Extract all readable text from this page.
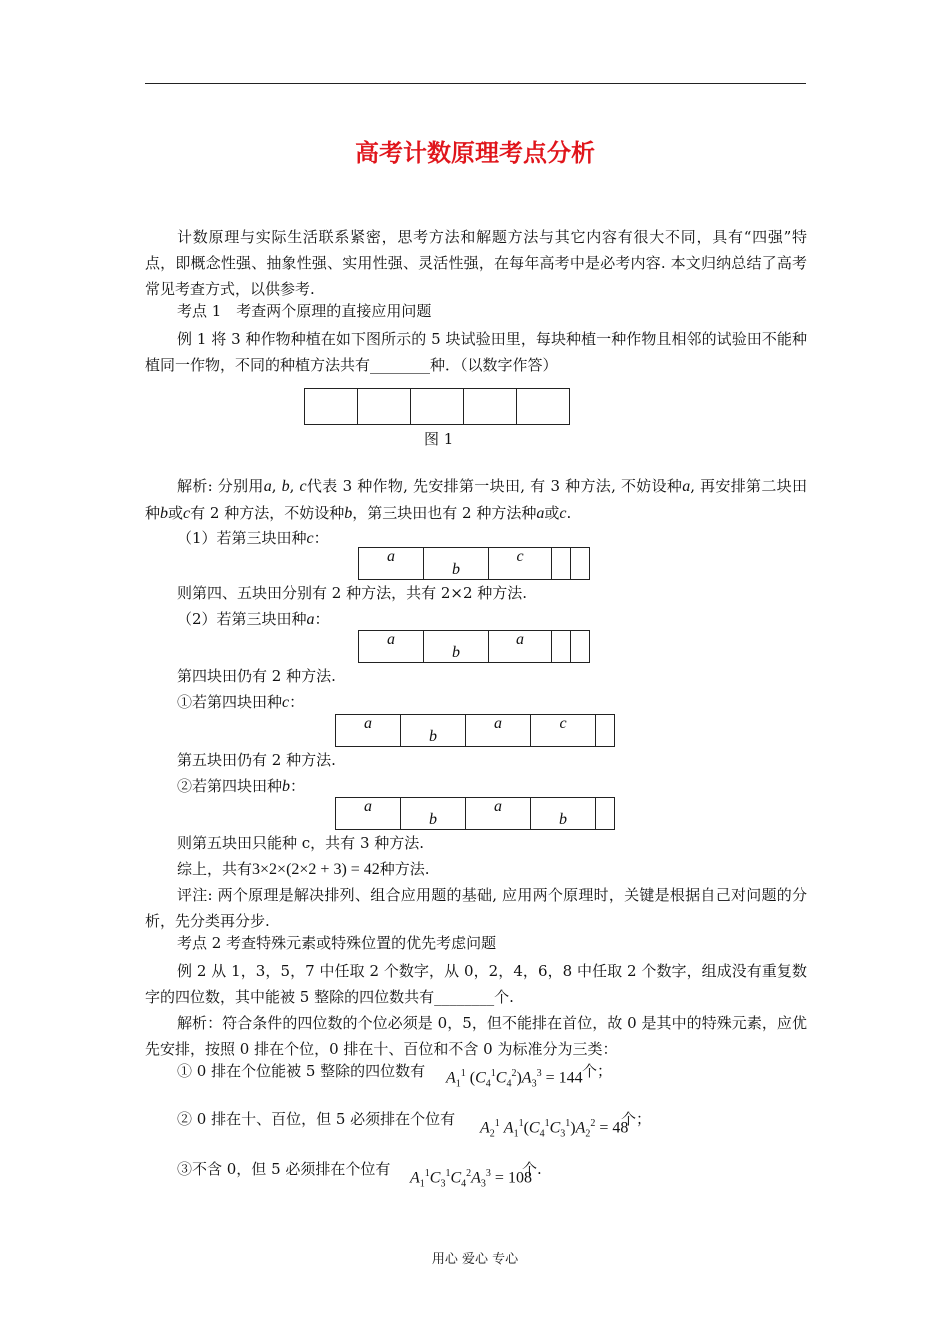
高考计数原理考点分析
计数原理与实际生活联系紧密，思考方法和解题方法与其它内容有很大不同，具有“四强”特点，即概念性强、抽象性强、实用性强、灵活性强，在每年高考中是必考内容. 本文归纳总结了高考常见考查方式，以供参考.
考点 1　考查两个原理的直接应用问题
例 1 将 3 种作物种植在如下图所示的 5 块试验田里，每块种植一种作物且相邻的试验田不能种植同一作物，不同的种植方法共有________种．（以数字作答）

图 1
解析: 分别用a, b, c代表 3 种作物, 先安排第一块田, 有 3 种方法, 不妨设种a, 再安排第二块田种b或c有 2 种方法，不妨设种b，第三块田也有 2 种方法种a或c.
（1）若第三块田种c：
a	b	c		
则第四、五块田分别有 2 种方法，共有 2×2 种方法.
（2）若第三块田种a：
a	b	a		
第四块田仍有 2 种方法.
①若第四块田种c：
a	b	a	c	
第五块田仍有 2 种方法.
②若第四块田种b：
a	b	a	b	
则第五块田只能种 c，共有 3 种方法.
综上，共有3×2×(2×2 + 3) = 42种方法.
评注: 两个原理是解决排列、组合应用题的基础, 应用两个原理时，关键是根据自己对问题的分析，先分类再分步.
考点 2 考查特殊元素或特殊位置的优先考虑问题
例 2 从 1，3，5，7 中任取 2 个数字，从 0，2，4，6，8 中任取 2 个数字，组成没有重复数字的四位数，其中能被 5 整除的四位数共有________个.
解析：符合条件的四位数的个位必须是 0，5，但不能排在首位，故 0 是其中的特殊元素，应优先安排，按照 0 排在个位，0 排在十、百位和不含 0 为标准分为三类：
① 0 排在个位能被 5 整除的四位数有 $A_1^1$ $(C_4^1C_4^2)A_3^3 = 144$ 个；
② 0 排在十、百位，但 5 必须排在个位有 $A_2^1$ $A_1^1(C_4^1C_3^1)A_2^2 = 48$
个；
③不含 0，但 5 必须排在个位有 $A_1^1C_3^1C_4^2A_3^3 = 108$
个.
用心 爱心 专心
